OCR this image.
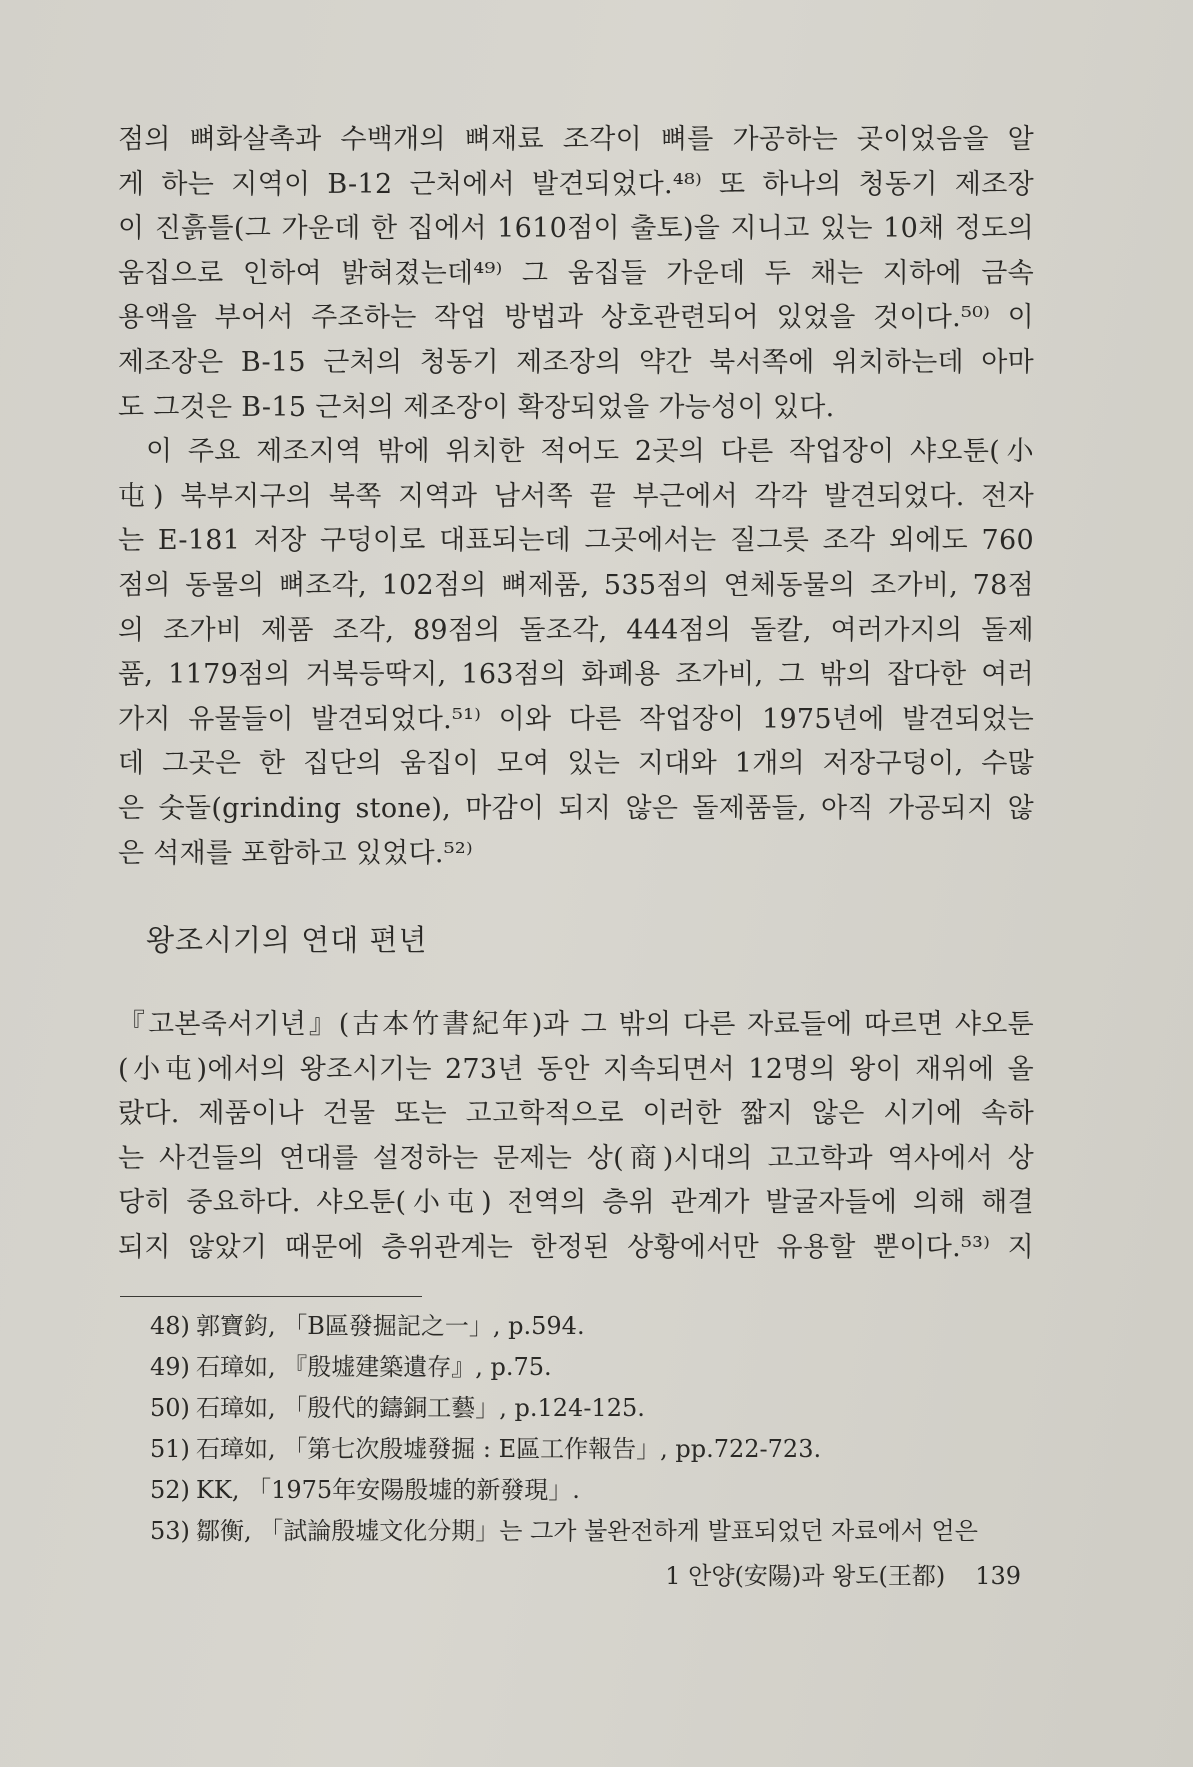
점의 뼈화살촉과 수백개의 뼈재료 조각이 뼈를 가공하는 곳이었음을 알
게 하는 지역이 B-12 근처에서 발견되었다.⁴⁸⁾ 또 하나의 청동기 제조장
이 진흙틀(그 가운데 한 집에서 1610점이 출토)을 지니고 있는 10채 정도의
움집으로 인하여 밝혀졌는데⁴⁹⁾ 그 움집들 가운데 두 채는 지하에 금속
용액을 부어서 주조하는 작업 방법과 상호관련되어 있었을 것이다.⁵⁰⁾ 이
제조장은 B-15 근처의 청동기 제조장의 약간 북서쪽에 위치하는데 아마
도 그것은 B-15 근처의 제조장이 확장되었을 가능성이 있다.
이 주요 제조지역 밖에 위치한 적어도 2곳의 다른 작업장이 샤오툰(小
屯) 북부지구의 북쪽 지역과 남서쪽 끝 부근에서 각각 발견되었다. 전자
는 E-181 저장 구덩이로 대표되는데 그곳에서는 질그릇 조각 외에도 760
점의 동물의 뼈조각, 102점의 뼈제품, 535점의 연체동물의 조가비, 78점
의 조가비 제품 조각, 89점의 돌조각, 444점의 돌칼, 여러가지의 돌제
품, 1179점의 거북등딱지, 163점의 화폐용 조가비, 그 밖의 잡다한 여러
가지 유물들이 발견되었다.⁵¹⁾ 이와 다른 작업장이 1975년에 발견되었는
데 그곳은 한 집단의 움집이 모여 있는 지대와 1개의 저장구덩이, 수많
은 숫돌(grinding stone), 마감이 되지 않은 돌제품들, 아직 가공되지 않
은 석재를 포함하고 있었다.⁵²⁾
왕조시기의 연대 편년
『고본죽서기년』(古本竹書紀年)과 그 밖의 다른 자료들에 따르면 샤오툰
(小屯)에서의 왕조시기는 273년 동안 지속되면서 12명의 왕이 재위에 올
랐다. 제품이나 건물 또는 고고학적으로 이러한 짧지 않은 시기에 속하
는 사건들의 연대를 설정하는 문제는 상(商)시대의 고고학과 역사에서 상
당히 중요하다. 샤오툰(小屯) 전역의 층위 관계가 발굴자들에 의해 해결
되지 않았기 때문에 층위관계는 한정된 상황에서만 유용할 뿐이다.⁵³⁾ 지
48) 郭寶鈞, 「B區發掘記之一」, p.594.
49) 石璋如, 『殷墟建築遺存』, p.75.
50) 石璋如, 「殷代的鑄銅工藝」, p.124-125.
51) 石璋如, 「第七次殷墟發掘 : E區工作報告」, pp.722-723.
52) KK, 「1975年安陽殷墟的新發現」.
53) 鄒衡, 「試論殷墟文化分期」는 그가 불완전하게 발표되었던 자료에서 얻은
1 안양(安陽)과 왕도(王都) 139
